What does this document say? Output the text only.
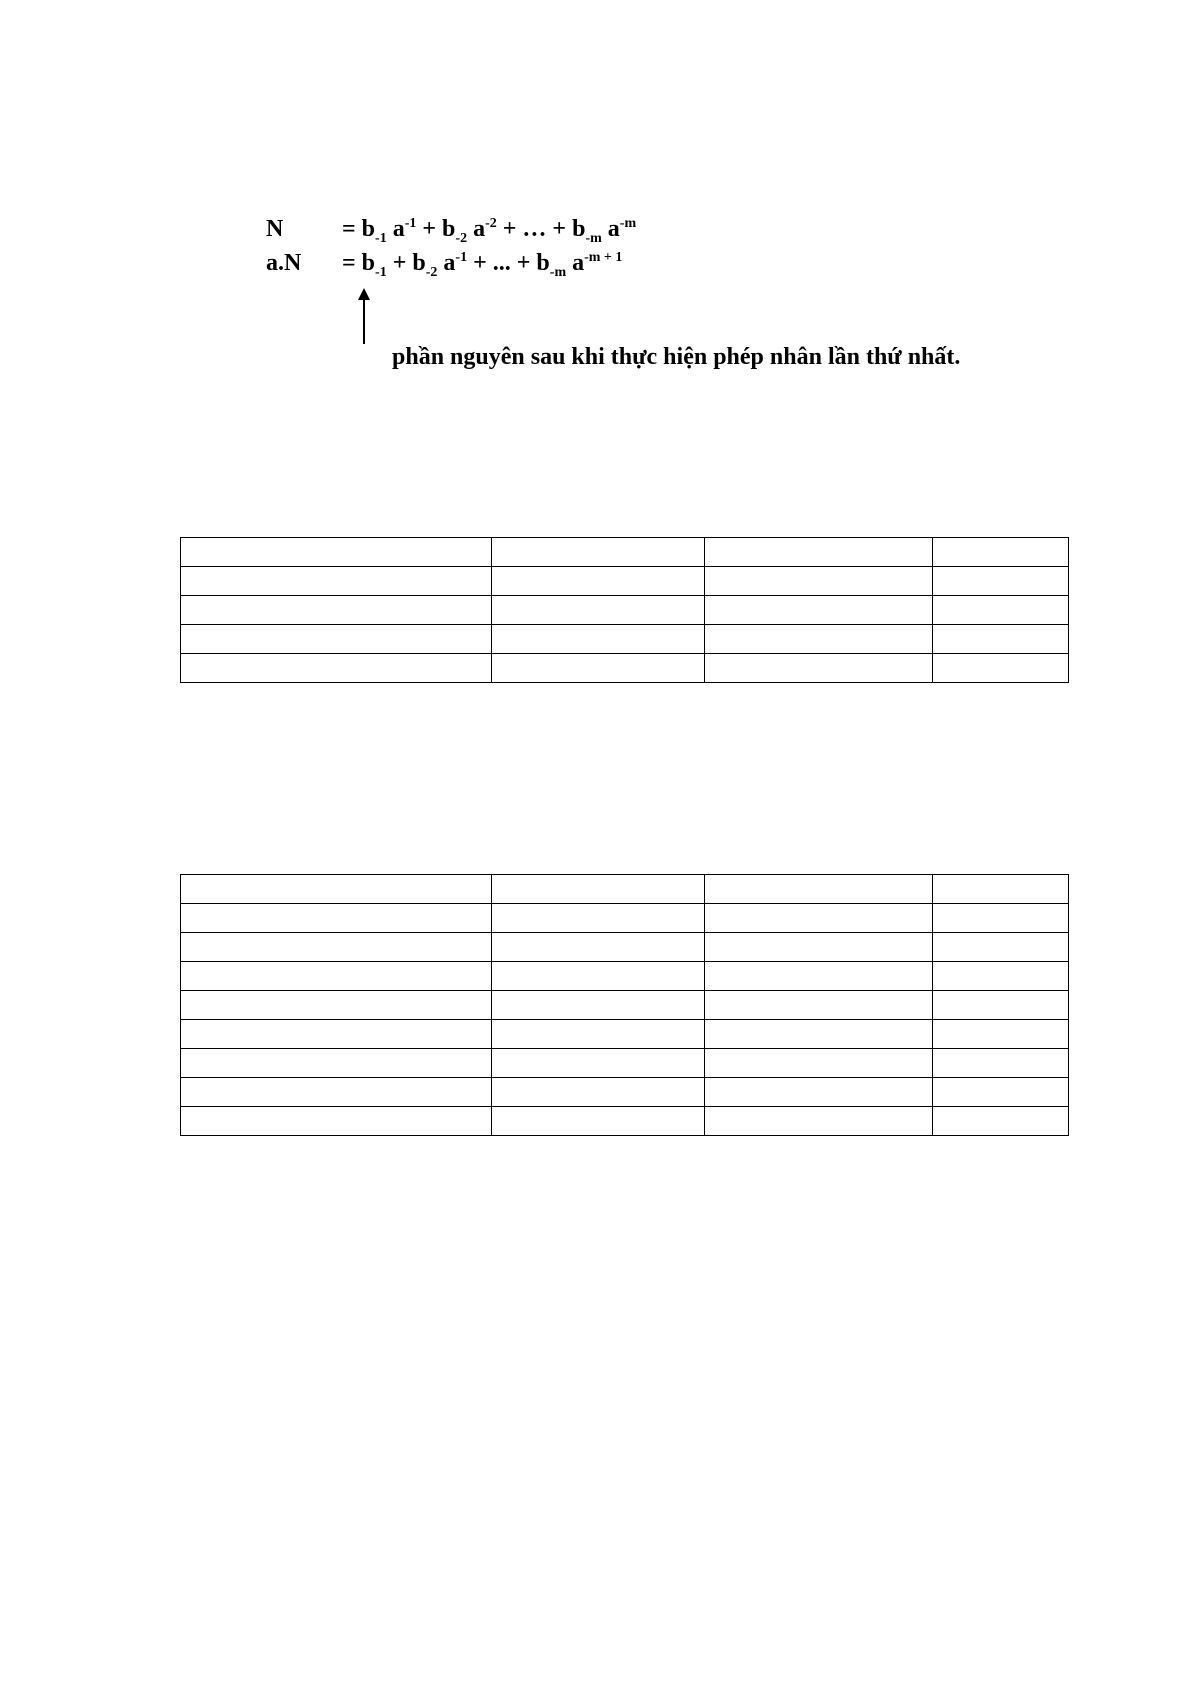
$N = b_{-1}$ $a^{-1} + b_{-2}$ $a^{-2}$ + … + $b_{-m}$ $a^{-m}$
$a.N = b_{-1} + b_{-2}$ $a^{-1}$ + ... + $b_{-m}$ $a^{-m + 1}$
phần nguyên sau khi thực hiện phép nhân lần thứ nhất.
